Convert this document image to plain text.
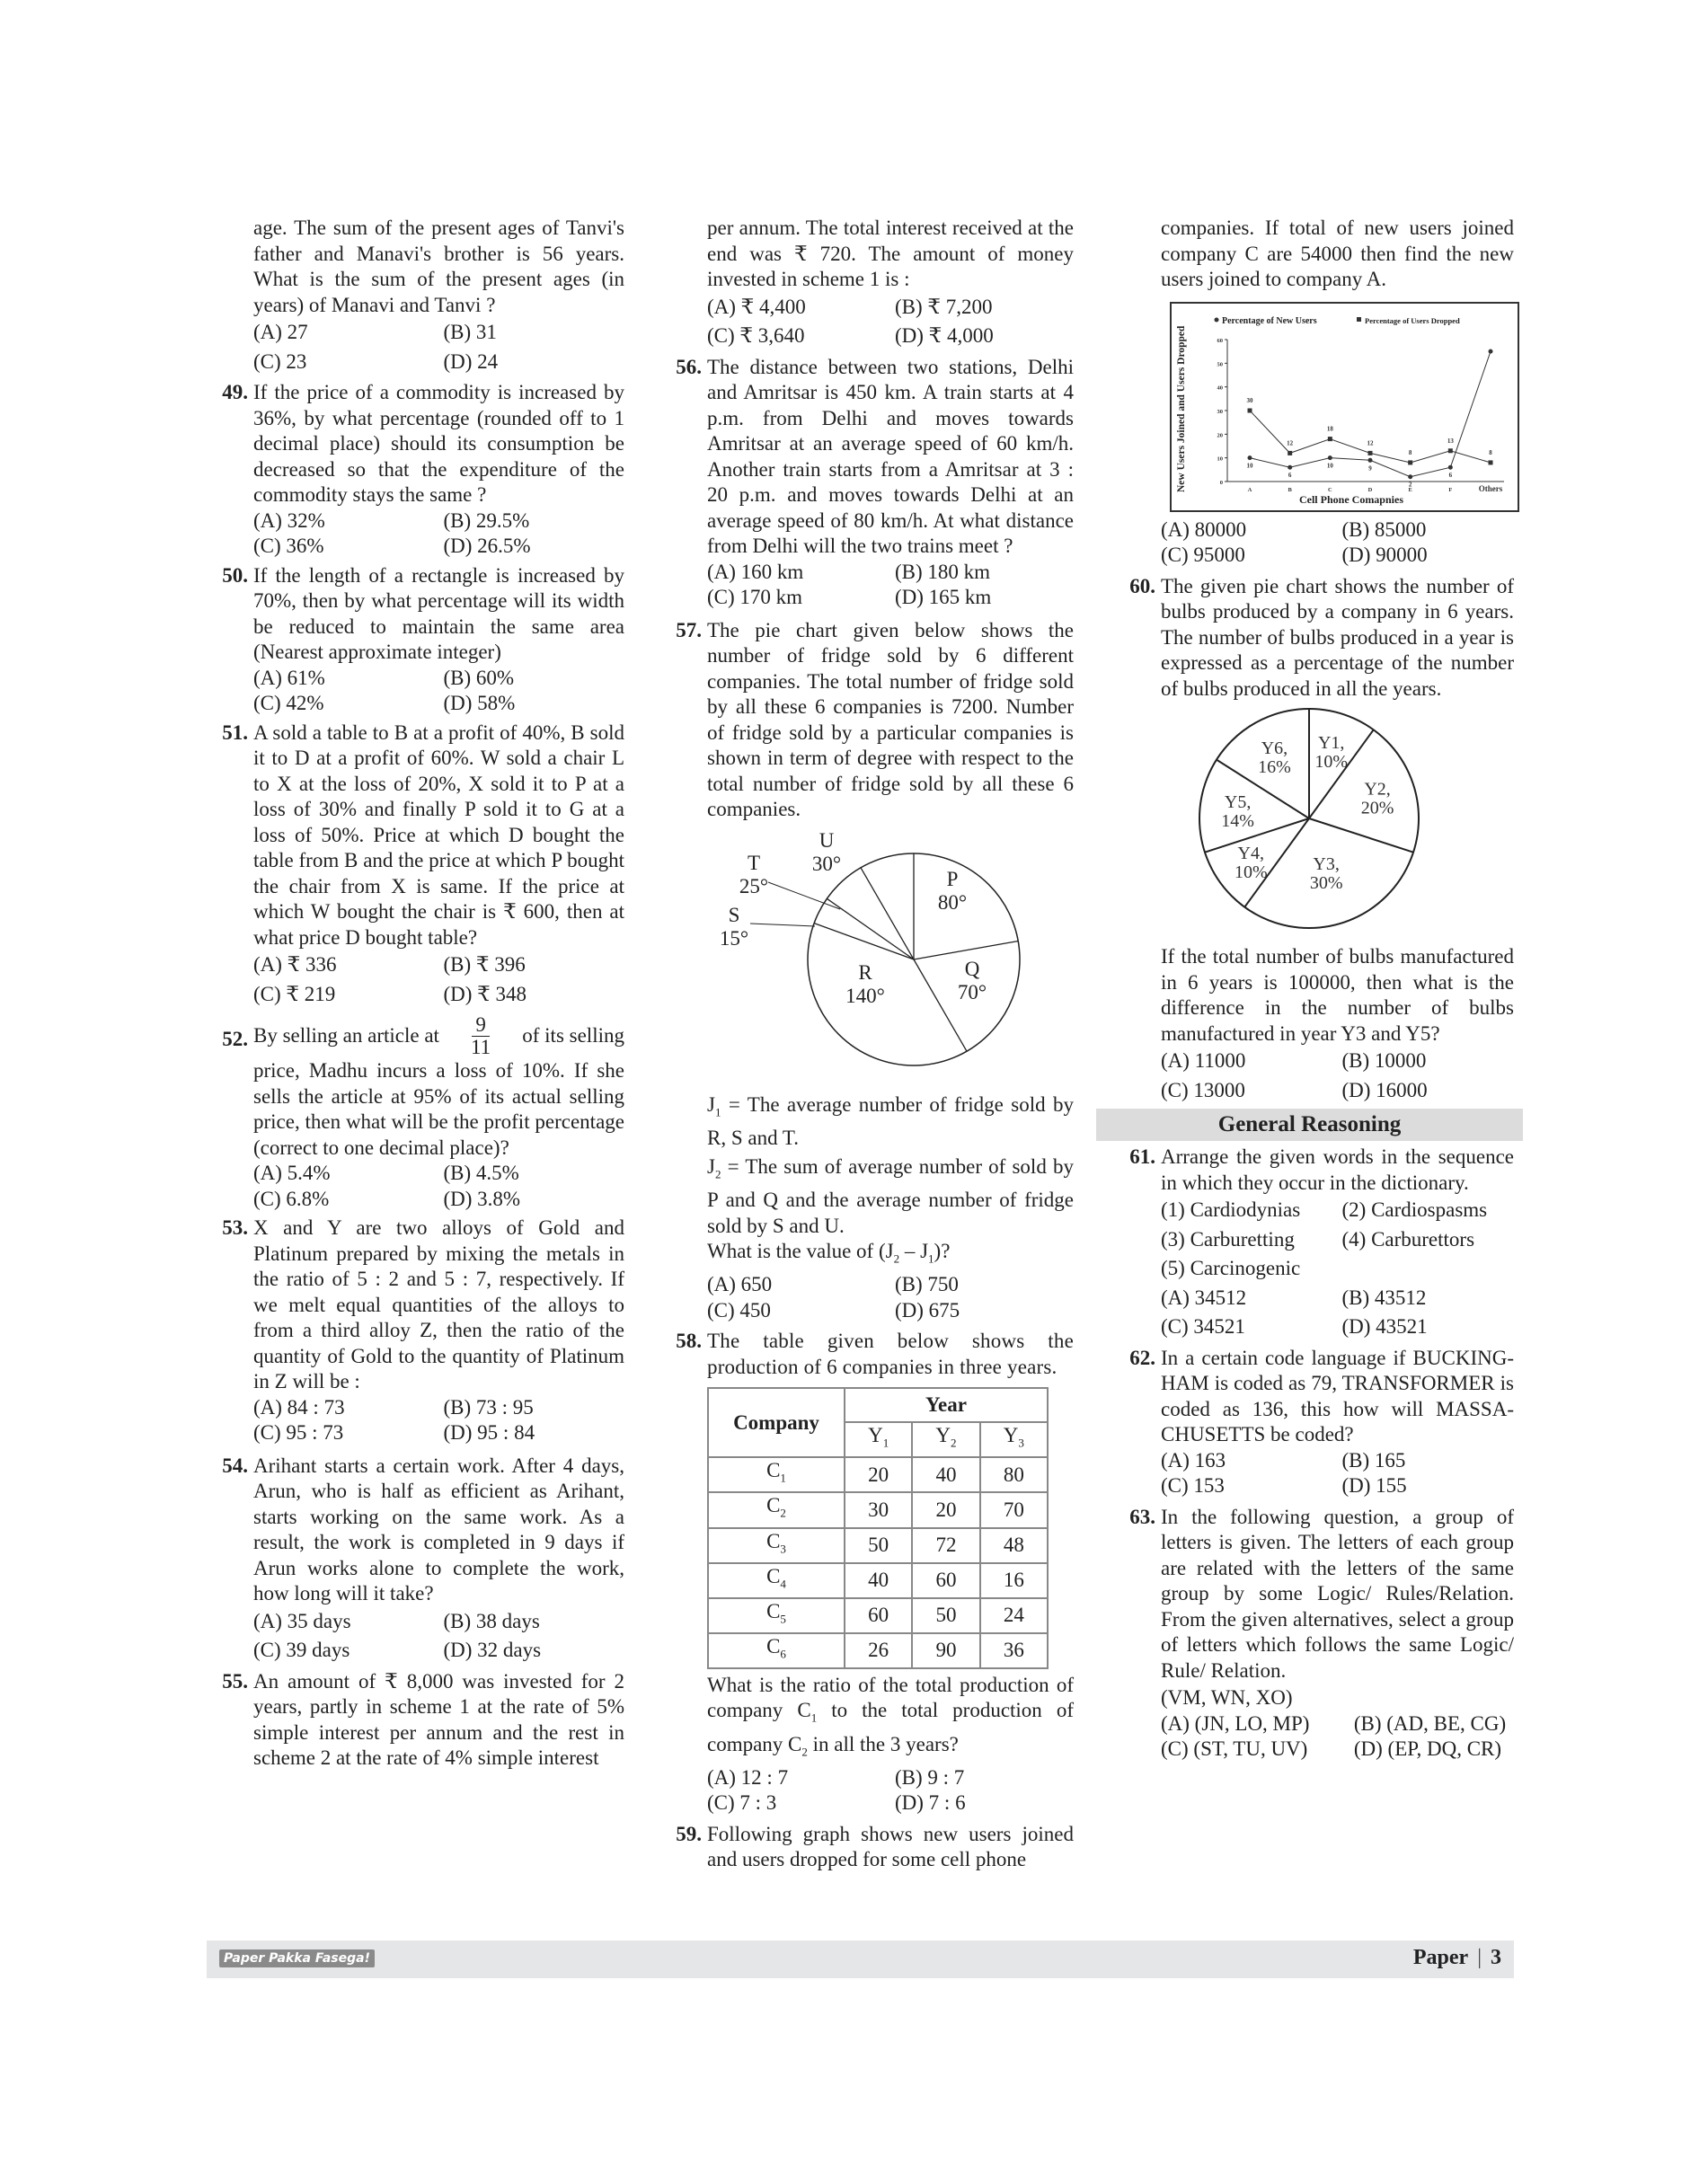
age. The sum of the present ages of Tanvi's father and Manavi's brother is 56 years. What is the sum of the present ages (in years) of Manavi and Tanvi ?
(A) 27	(B) 31
(C) 23	(D) 24
49. If the price of a commodity is increased by 36%, by what percentage (rounded off to 1 decimal place) should its consumption be decreased so that the expenditure of the commodity stays the same ?
(A) 32%	(B) 29.5%
(C) 36%	(D) 26.5%
50. If the length of a rectangle is increased by 70%, then by what percentage will its width be reduced to maintain the same area (Nearest approximate integer)
(A) 61%	(B) 60%
(C) 42%	(D) 58%
51. A sold a table to B at a profit of 40%, B sold it to D at a profit of 60%. W sold a chair L to X at the loss of 20%, X sold it to P at a loss of 30% and finally P sold it to G at a loss of 50%. Price at which D bought the table from B and the price at which P bought the chair from X is same. If the price at which W bought the chair is ₹ 600, then at what price D bought table?
(A) ₹ 336	(B) ₹ 396
(C) ₹ 219	(D) ₹ 348
52. By selling an article at $\frac{9}{11}$ of its selling
price, Madhu incurs a loss of 10%. If she sells the article at 95% of its actual selling price, then what will be the profit percentage (correct to one decimal place)?
(A) 5.4%	(B) 4.5%
(C) 6.8%	(D) 3.8%
53. X and Y are two alloys of Gold and Platinum prepared by mixing the metals in the ratio of 5 : 2 and 5 : 7, respectively. If we melt equal quantities of the alloys to from a third alloy Z, then the ratio of the quantity of Gold to the quantity of Platinum in Z will be :
(A) 84 : 73	(B) 73 : 95
(C) 95 : 73	(D) 95 : 84
54. Arihant starts a certain work. After 4 days, Arun, who is half as efficient as Arihant, starts working on the same work. As a result, the work is completed in 9 days if Arun works alone to complete the work, how long will it take?
(A) 35 days	(B) 38 days
(C) 39 days	(D) 32 days
55. An amount of ₹ 8,000 was invested for 2 years, partly in scheme 1 at the rate of 5% simple interest per annum and the rest in scheme 2 at the rate of 4% simple interest
per annum. The total interest received at the end was ₹ 720. The amount of money invested in scheme 1 is :
(A) ₹ 4,400	(B) ₹ 7,200
(C) ₹ 3,640	(D) ₹ 4,000
56. The distance between two stations, Delhi and Amritsar is 450 km. A train starts at 4 p.m. from Delhi and moves towards Amritsar at an average speed of 60 km/h. Another train starts from a Amritsar at 3 : 20 p.m. and moves towards Delhi at an average speed of 80 km/h. At what distance from Delhi will the two trains meet ?
(A) 160 km	(B) 180 km
(C) 170 km	(D) 165 km
57. The pie chart given below shows the number of fridge sold by 6 different companies. The total number of fridge sold by all these 6 companies is 7200. Number of fridge sold by a particular companies is shown in term of degree with respect to the total number of fridge sold by all these 6 companies.
P
80°
Q
70°
R
140°
S
15°
T
25°
U
30°
$J_1$ = The average number of fridge sold by R, S and T.
$J_2$ = The sum of average number of sold by P and Q and the average number of fridge sold by S and U.
What is the value of $(J_2 - J_1)$?
(A) 650	(B) 750
(C) 450	(D) 675
58. The table given below shows the production of 6 companies in three years.
Company	Year		
	$Y_1$	$Y_2$	$Y_3$
$C_1$	20	40	80
$C_2$	30	20	70
$C_3$	50	72	48
$C_4$	40	60	16
$C_5$	60	50	24
$C_6$	26	90	36
What is the ratio of the total production of company $C_1$ to the total production of company $C_2$ in all the 3 years?
(A) 12 : 7	(B) 9 : 7
(C) 7 : 3	(D) 7 : 6
59. Following graph shows new users joined and users dropped for some cell phone
companies. If total of new users joined company C are 54000 then find the new users joined to company A.
New Users Joined and Users Dropped
Cell Phone Comapnies
Percentage of New Users	Percentage of Users Dropped
0
10
20
30
40
50
60
A	B	C	D	E	F	Others
10
6
10	9
2
6
30
12
18
12
8
13
8
(A) 80000	(B) 85000
(C) 95000	(D) 90000
60. The given pie chart shows the number of bulbs produced by a company in 6 years. The number of bulbs produced in a year is expressed as a percentage of the number of bulbs produced in all the years.
Y1,
10%
Y2,
20%
Y3,
30%
Y4,
10%
Y5,
14%
Y6,
16%
If the total number of bulbs manufactured in 6 years is 100000, then what is the difference in the number of bulbs manufactured in year Y3 and Y5?
(A) 11000	(B) 10000
(C) 13000	(D) 16000
General Reasoning
61. Arrange the given words in the sequence in which they occur in the dictionary.
(1) Cardiodynias	(2) Cardiospasms
(3) Carburetting	(4) Carburettors
(5) Carcinogenic
(A) 34512	(B) 43512
(C) 34521	(D) 43521
62. In a certain code language if BUCKING-HAM is coded as 79, TRANSFORMER is coded as 136, this how will MASSA-CHUSETTS be coded?
(A) 163	(B) 165
(C) 153	(D) 155
63. In the following question, a group of letters is given. The letters of each group are related with the letters of the same group by some Logic/ Rules/Relation. From the given alternatives, select a group of letters which follows the same Logic/ Rule/ Relation.
(VM, WN, XO)
(A) (JN, LO, MP)	(B) (AD, BE, CG)
(C) (ST, TU, UV)	(D) (EP, DQ, CR)
Paper Pakka Fasega!	Paper | 3
